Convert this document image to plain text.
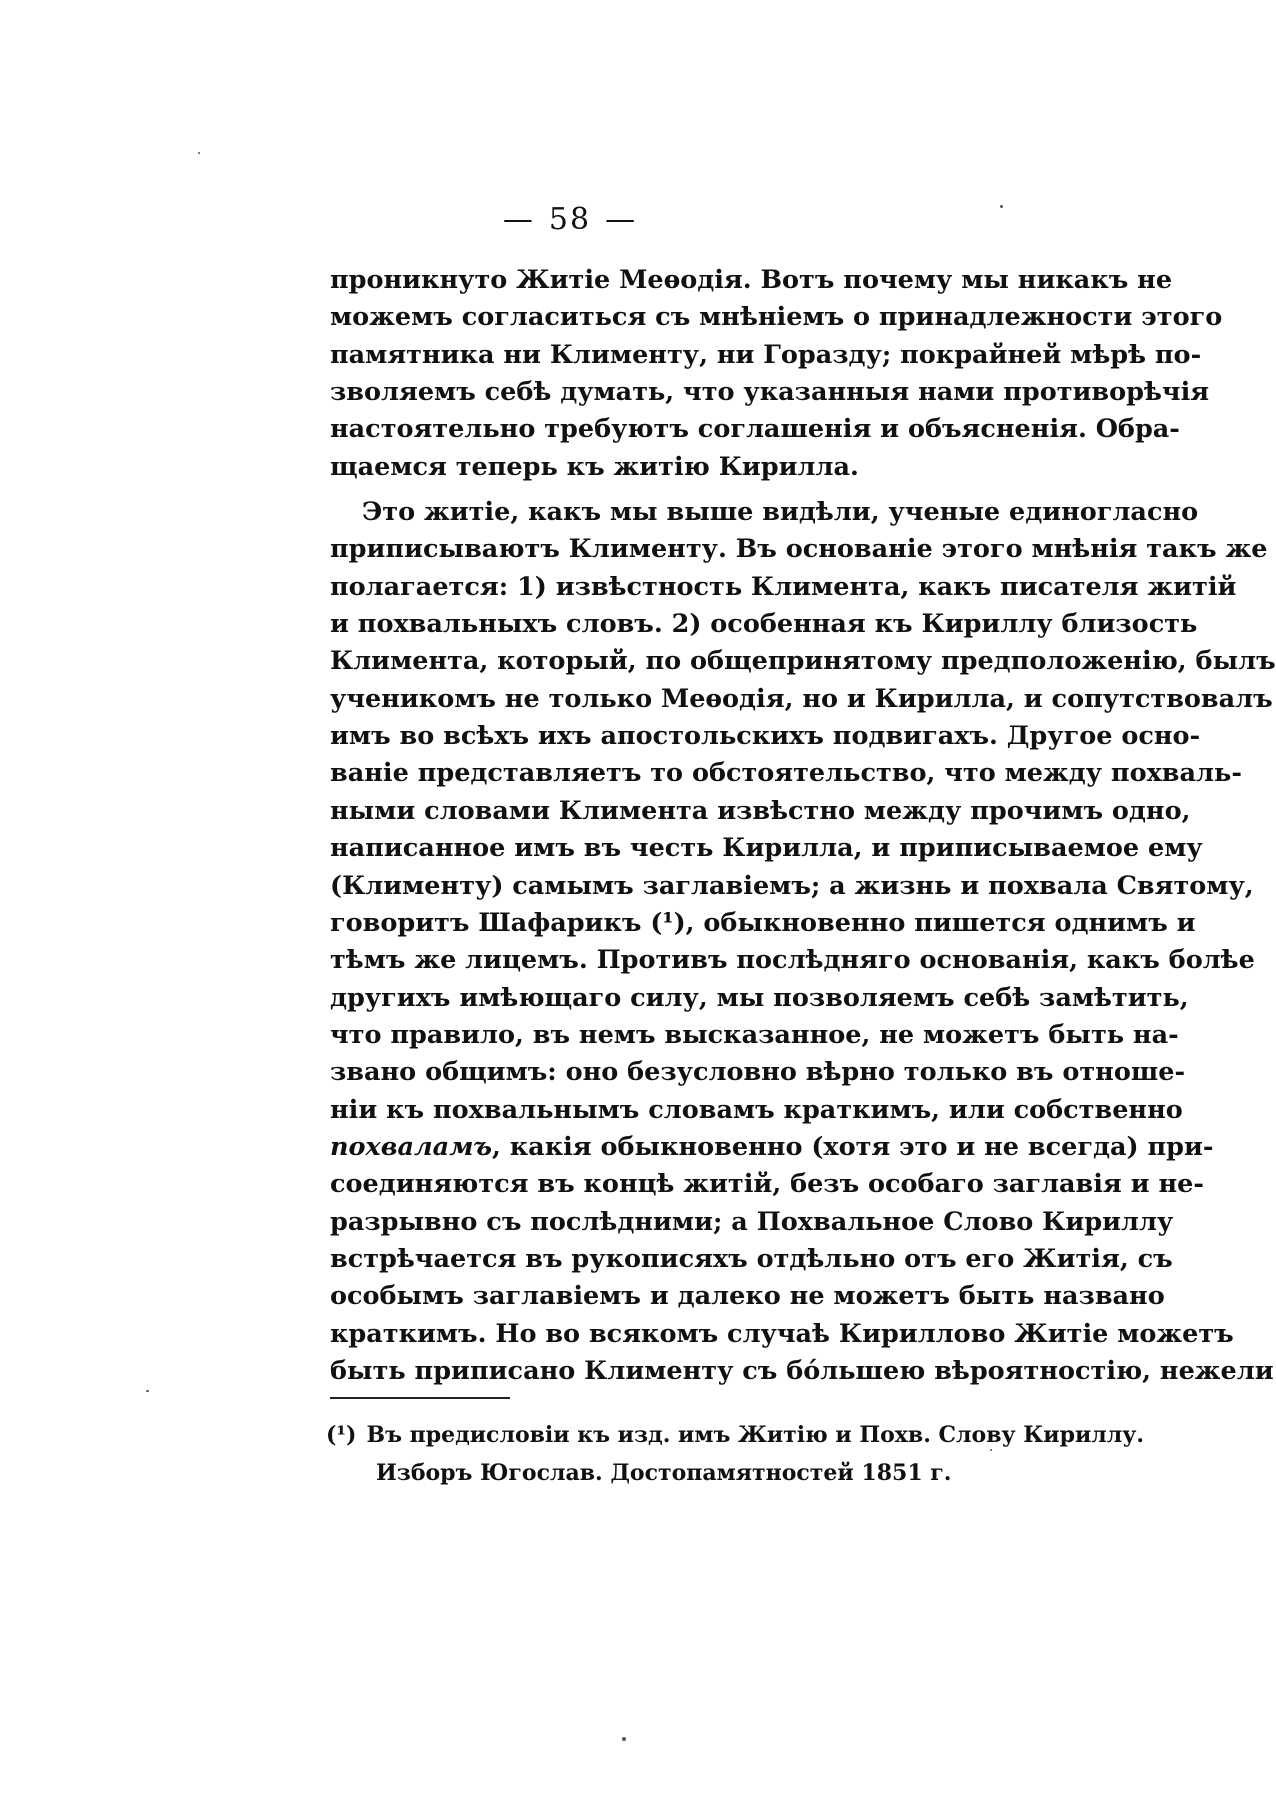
— 58 —
проникнуто Житіе Меѳодія. Вотъ почему мы никакъ не
можемъ согласиться съ мнѣніемъ о принадлежности этого
памятника ни Клименту, ни Горазду; покрайней мѣрѣ по-
зволяемъ себѣ думать, что указанныя нами противорѣчія
настоятельно требуютъ соглашенія и объясненія. Обра-
щаемся теперь къ житію Кирилла.
Это житіе, какъ мы выше видѣли, ученые единогласно
приписываютъ Клименту. Въ основаніе этого мнѣнія такъ же
полагается: 1) извѣстность Климента, какъ писателя житій
и похвальныхъ словъ. 2) особенная къ Кириллу близость
Климента, который, по общепринятому предположенію, былъ
ученикомъ не только Меѳодія, но и Кирилла, и сопутствовалъ
имъ во всѣхъ ихъ апостольскихъ подвигахъ. Другое осно-
ваніе представляетъ то обстоятельство, что между похваль-
ными словами Климента извѣстно между прочимъ одно,
написанное имъ въ честь Кирилла, и приписываемое ему
(Клименту) самымъ заглавіемъ; а жизнь и похвала Святому,
говоритъ Шафарикъ (¹), обыкновенно пишется однимъ и
тѣмъ же лицемъ. Противъ послѣдняго основанія, какъ болѣе
другихъ имѣющаго силу, мы позволяемъ себѣ замѣтить,
что правило, въ немъ высказанное, не можетъ быть на-
звано общимъ: оно безусловно вѣрно только въ отноше-
ніи къ похвальнымъ словамъ краткимъ, или собственно
похваламъ, какія обыкновенно (хотя это и не всегда) при-
соединяются въ концѣ житій, безъ особаго заглавія и не-
разрывно съ послѣдними; а Похвальное Слово Кириллу
встрѣчается въ рукописяхъ отдѣльно отъ его Житія, съ
особымъ заглавіемъ и далеко не можетъ быть названо
краткимъ. Но во всякомъ случаѣ Кириллово Житіе можетъ
быть приписано Клименту съ бо́льшею вѣроятностію, нежели
(¹) Въ предисловіи къ изд. имъ Житію и Похв. Слову Кириллу.
Изборъ Югослав. Достопамятностей 1851 г.
